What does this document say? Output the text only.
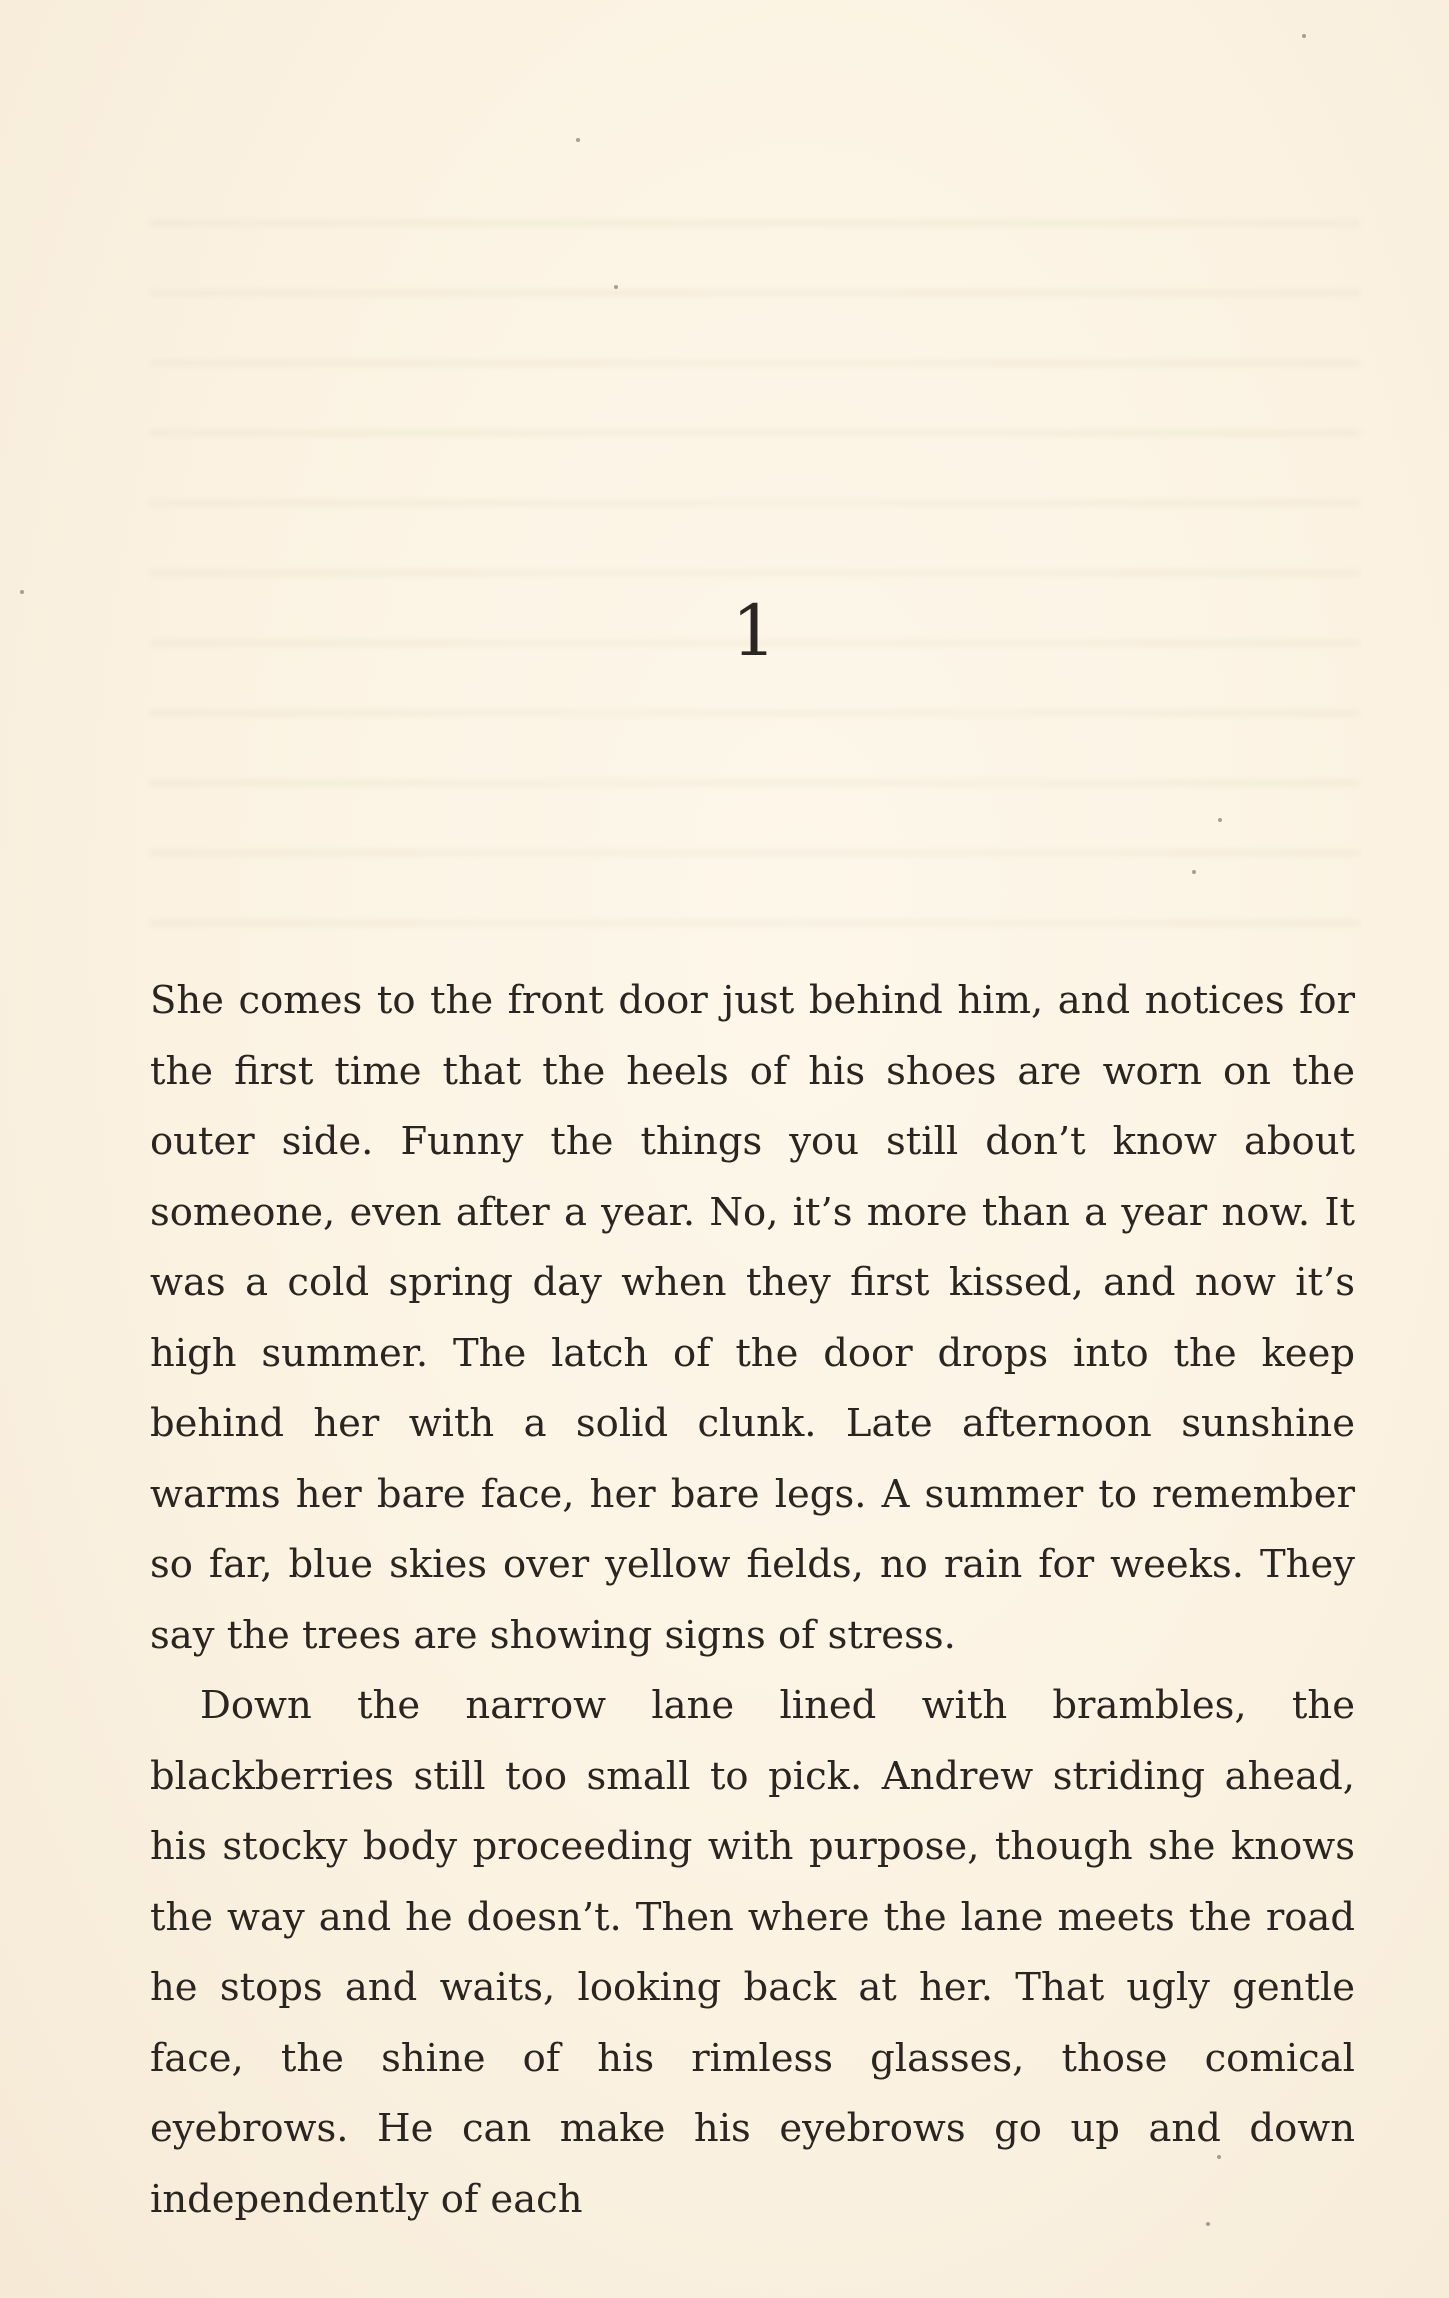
1

She comes to the front door just behind him, and notices for the first time that the heels of his shoes are worn on the outer side. Funny the things you still don’t know about someone, even after a year. No, it’s more than a year now. It was a cold spring day when they first kissed, and now it’s high summer. The latch of the door drops into the keep behind her with a solid clunk. Late afternoon sunshine warms her bare face, her bare legs. A summer to remember so far, blue skies over yellow fields, no rain for weeks. They say the trees are showing signs of stress.

Down the narrow lane lined with brambles, the blackberries still too small to pick. Andrew striding ahead, his stocky body proceeding with purpose, though she knows the way and he doesn’t. Then where the lane meets the road he stops and waits, looking back at her. That ugly gentle face, the shine of his rimless glasses, those comical eyebrows. He can make his eyebrows go up and down independently of each
